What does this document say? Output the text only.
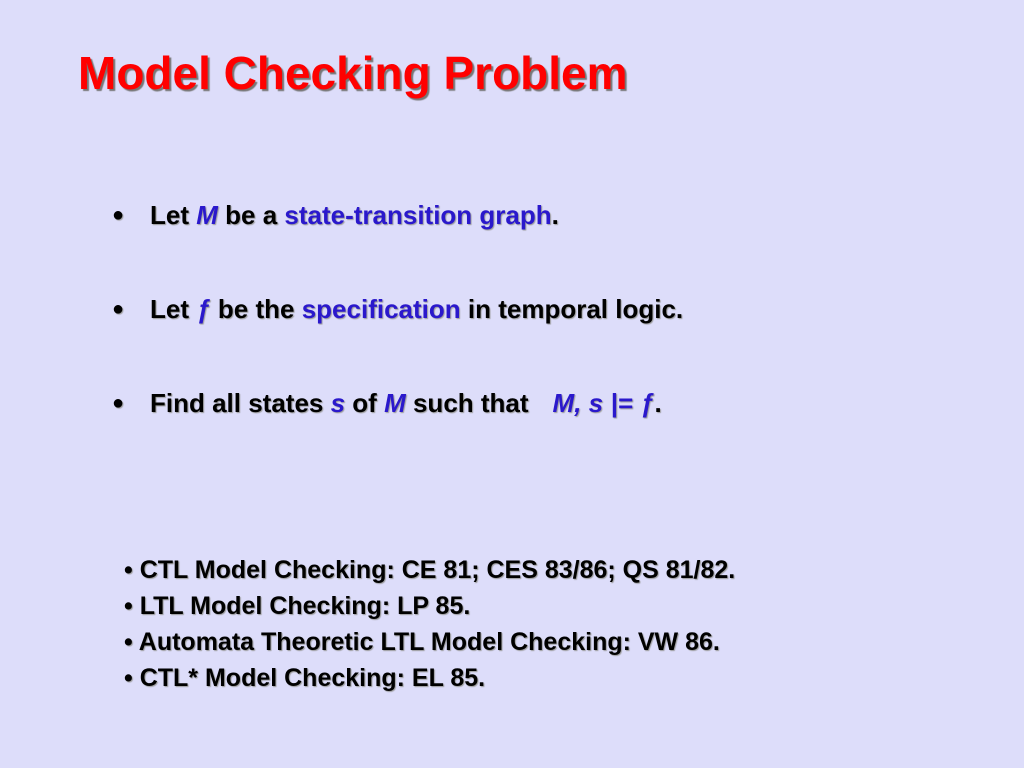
Model Checking Problem
● Let M be a state-transition graph.
● Let ƒ be the specification in temporal logic.
● Find all states s of M such that M, s |= ƒ.
• CTL Model Checking: CE 81; CES 83/86; QS 81/82.
• LTL Model Checking: LP 85.
• Automata Theoretic LTL Model Checking: VW 86.
• CTL* Model Checking: EL 85.
